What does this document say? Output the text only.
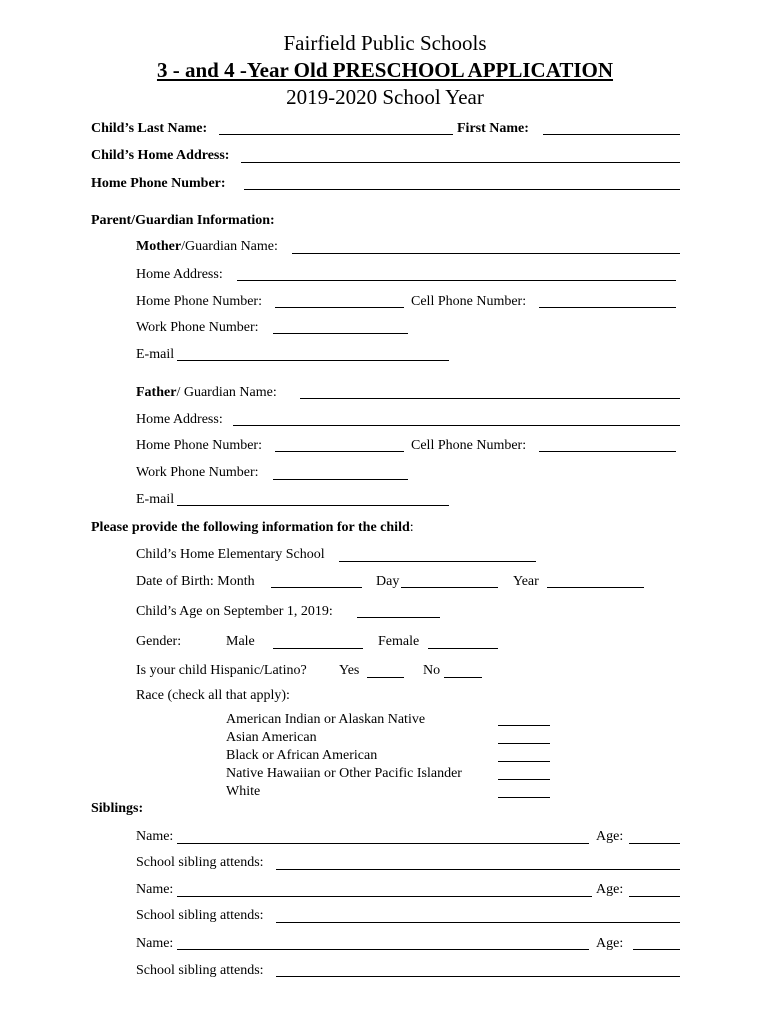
Fairfield Public Schools
3 - and 4 -Year Old PRESCHOOL APPLICATION
2019-2020 School Year
Child’s Last Name:	First Name:
Child’s Home Address:
Home Phone Number:
Parent/Guardian Information:
Mother/Guardian Name:
Home Address:
Home Phone Number:	Cell Phone Number:
Work Phone Number:
E-mail
Father/ Guardian Name:
Home Address:
Home Phone Number:	Cell Phone Number:
Work Phone Number:
E-mail
Please provide the following information for the child:
Child’s Home Elementary School
Date of Birth: Month	Day	Year
Child’s Age on September 1, 2019:
Gender:	Male	Female
Is your child Hispanic/Latino? Yes	No
Race (check all that apply):
American Indian or Alaskan Native
Asian American
Black or African American
Native Hawaiian or Other Pacific Islander
White
Siblings:
Name:	Age:
School sibling attends:
Name:	Age:
School sibling attends:
Name:	Age:
School sibling attends:
